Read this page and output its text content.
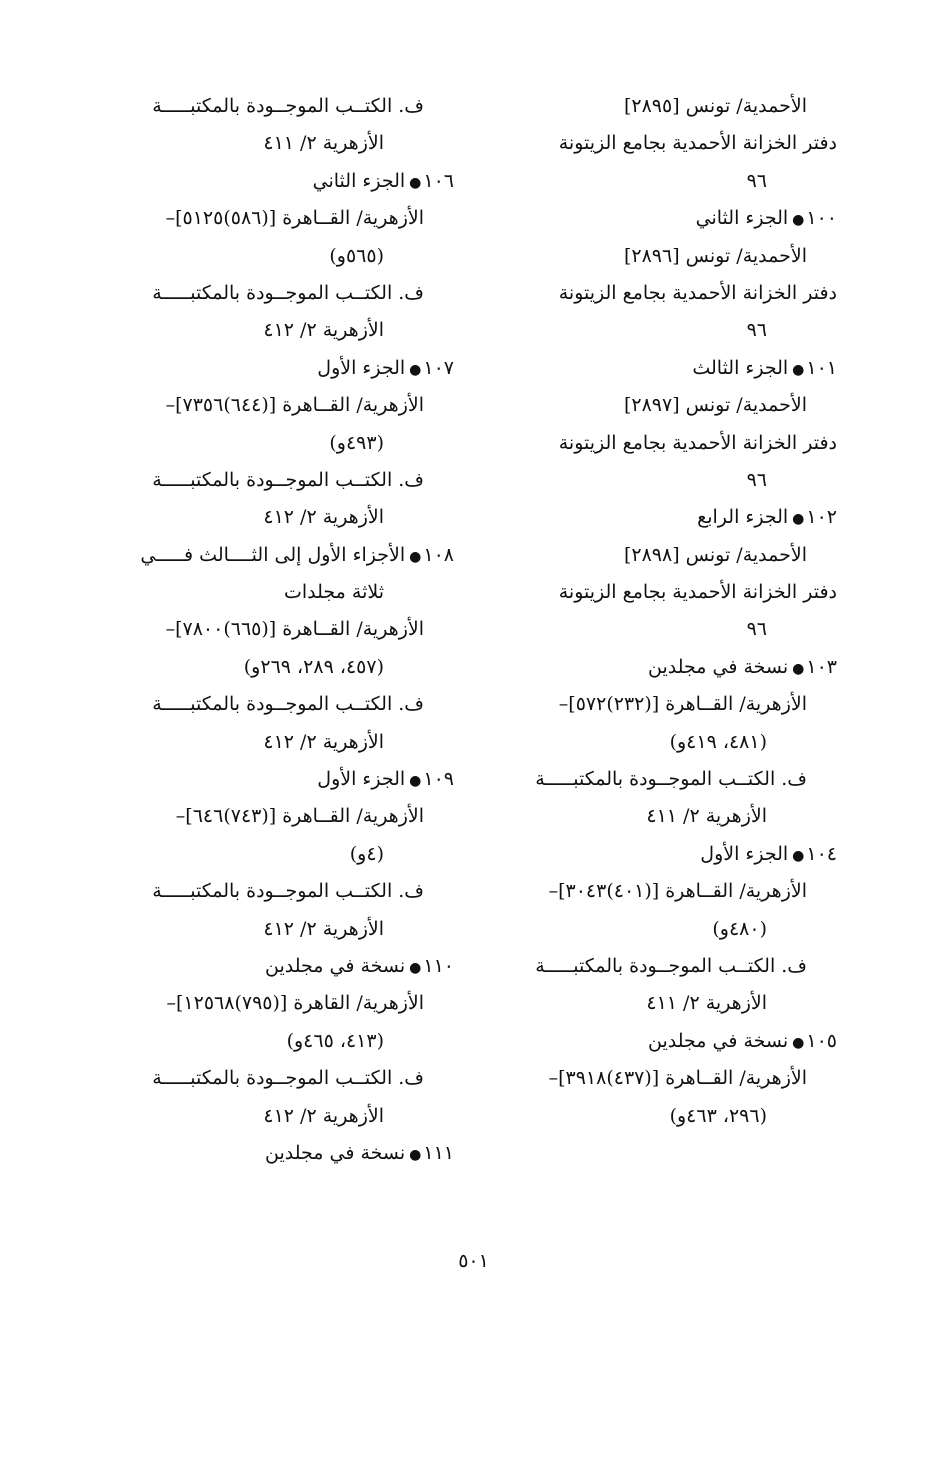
الأحمدية/ تونس [٢٨٩٥]
دفتر الخزانة الأحمدية بجامع الزيتونة
٩٦
١٠٠●الجزء الثاني
الأحمدية/ تونس [٢٨٩٦]
دفتر الخزانة الأحمدية بجامع الزيتونة
٩٦
١٠١●الجزء الثالث
الأحمدية/ تونس [٢٨٩٧]
دفتر الخزانة الأحمدية بجامع الزيتونة
٩٦
١٠٢●الجزء الرابع
الأحمدية/ تونس [٢٨٩٨]
دفتر الخزانة الأحمدية بجامع الزيتونة
٩٦
١٠٣●نسخة في مجلدين
الأزهرية/ القــاهرة [(٢٣٢)٥٧٢]–
(٤٨١، ٤١٩و)
ف. الكتــب الموجــودة بالمكتبـــــة
الأزهرية ٢/ ٤١١
١٠٤●الجزء الأول
الأزهرية/ القــاهرة [(٤٠١)٣٠٤٣]–
(٤٨٠و)
ف. الكتــب الموجــودة بالمكتبـــــة
الأزهرية ٢/ ٤١١
١٠٥●نسخة في مجلدين
الأزهرية/ القــاهرة [(٤٣٧)٣٩١٨]–
(٢٩٦، ٤٦٣و)
ف. الكتــب الموجــودة بالمكتبـــــة
الأزهرية ٢/ ٤١١
١٠٦●الجزء الثاني
الأزهرية/ القــاهرة [(٥٨٦)٥١٢٥]–
(٥٦٥و)
ف. الكتــب الموجــودة بالمكتبـــــة
الأزهرية ٢/ ٤١٢
١٠٧●الجزء الأول
الأزهرية/ القــاهرة [(٦٤٤)٧٣٥٦]–
(٤٩٣و)
ف. الكتــب الموجــودة بالمكتبـــــة
الأزهرية ٢/ ٤١٢
١٠٨●الأجزاء الأول إلى الثــــالث فـــــي
ثلاثة مجلدات
الأزهرية/ القــاهرة [(٦٦٥)٧٨٠٠]–
(٤٥٧، ٢٨٩، ٢٦٩و)
ف. الكتــب الموجــودة بالمكتبـــــة
الأزهرية ٢/ ٤١٢
١٠٩●الجزء الأول
الأزهرية/ القــاهرة [(٧٤٣)٦٤٦]–
(٤و)
ف. الكتــب الموجــودة بالمكتبـــــة
الأزهرية ٢/ ٤١٢
١١٠●نسخة في مجلدين
الأزهرية/ القاهرة [(٧٩٥)١٢٥٦٨]–
(٤١٣، ٤٦٥و)
ف. الكتــب الموجــودة بالمكتبـــــة
الأزهرية ٢/ ٤١٢
١١١●نسخة في مجلدين
٥٠١
